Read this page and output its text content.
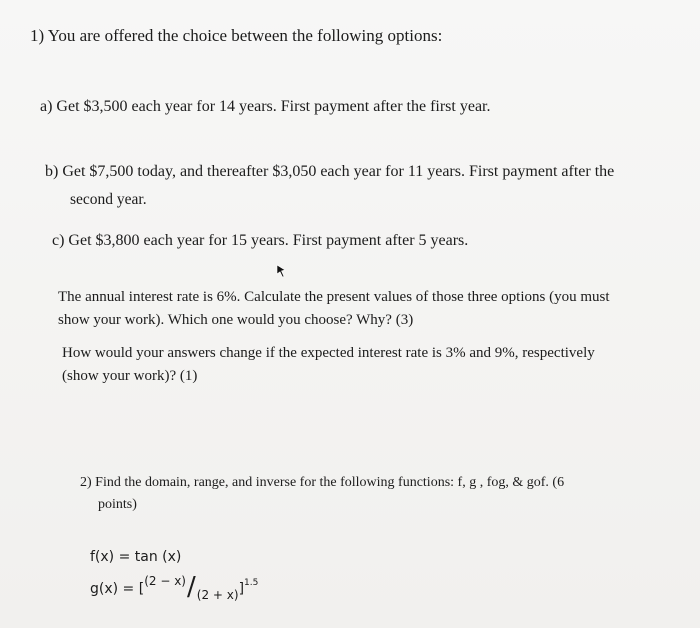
1) You are offered the choice between the following options:
a) Get $3,500 each year for 14 years. First payment after the first year.
b) Get $7,500 today, and thereafter $3,050 each year for 11 years. First payment after the
second year.
c) Get $3,800 each year for 15 years. First payment after 5 years.
The annual interest rate is 6%. Calculate the present values of those three options (you must
show your work). Which one would you choose? Why? (3)
How would your answers change if the expected interest rate is 3% and 9%, respectively
(show your work)? (1)
2) Find the domain, range, and inverse for the following functions: f, g , fog, & gof. (6
points)
f(x) = tan (x)
$g(x) = [(2 - x)/(2 + x)]^{1.5}$
